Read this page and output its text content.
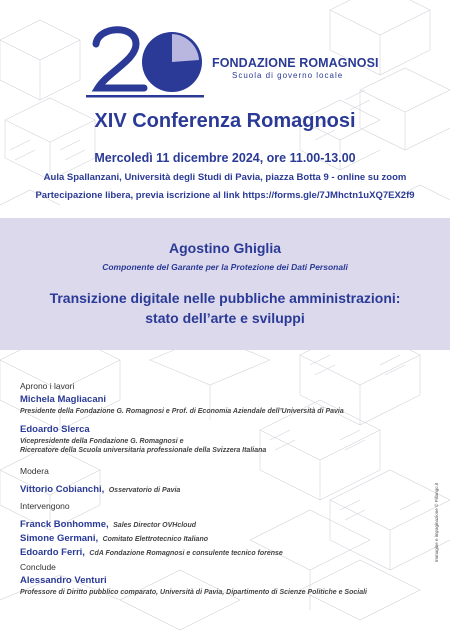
FONDAZIONE ROMAGNOSI
Scuola di governo locale
XIV Conferenza Romagnosi
Mercoledì 11 dicembre 2024, ore 11.00-13.00
Aula Spallanzani, Università degli Studi di Pavia, piazza Botta 9 - online su zoom
Partecipazione libera, previa iscrizione al link https://forms.gle/7JMhctn1uXQ7EX2f9
Agostino Ghiglia
Componente del Garante per la Protezione dei Dati Personali
Transizione digitale nelle pubbliche amministrazioni:
stato dell’arte e sviluppi
Aprono i lavori
Michela Magliacani
Presidente della Fondazione G. Romagnosi e Prof. di Economia Aziendale dell’Università di Pavia
Edoardo Slerca
Vicepresidente della Fondazione G. Romagnosi e
Ricercatore della Scuola universitaria professionale della Svizzera Italiana
Modera
Vittorio Cobianchi, Osservatorio di Pavia
Intervengono
Franck Bonhomme, Sales Director OVHcloud
Simone Germani, Comitato Elettrotecnico Italiano
Edoardo Ferri, CdA Fondazione Romagnosi e consulente tecnico forense
Conclude
Alessandro Venturi
Professore di Diritto pubblico comparato, Università di Pavia, Dipartimento di Scienze Politiche e Sociali
Immagine e impaginazione © Pillango.it
